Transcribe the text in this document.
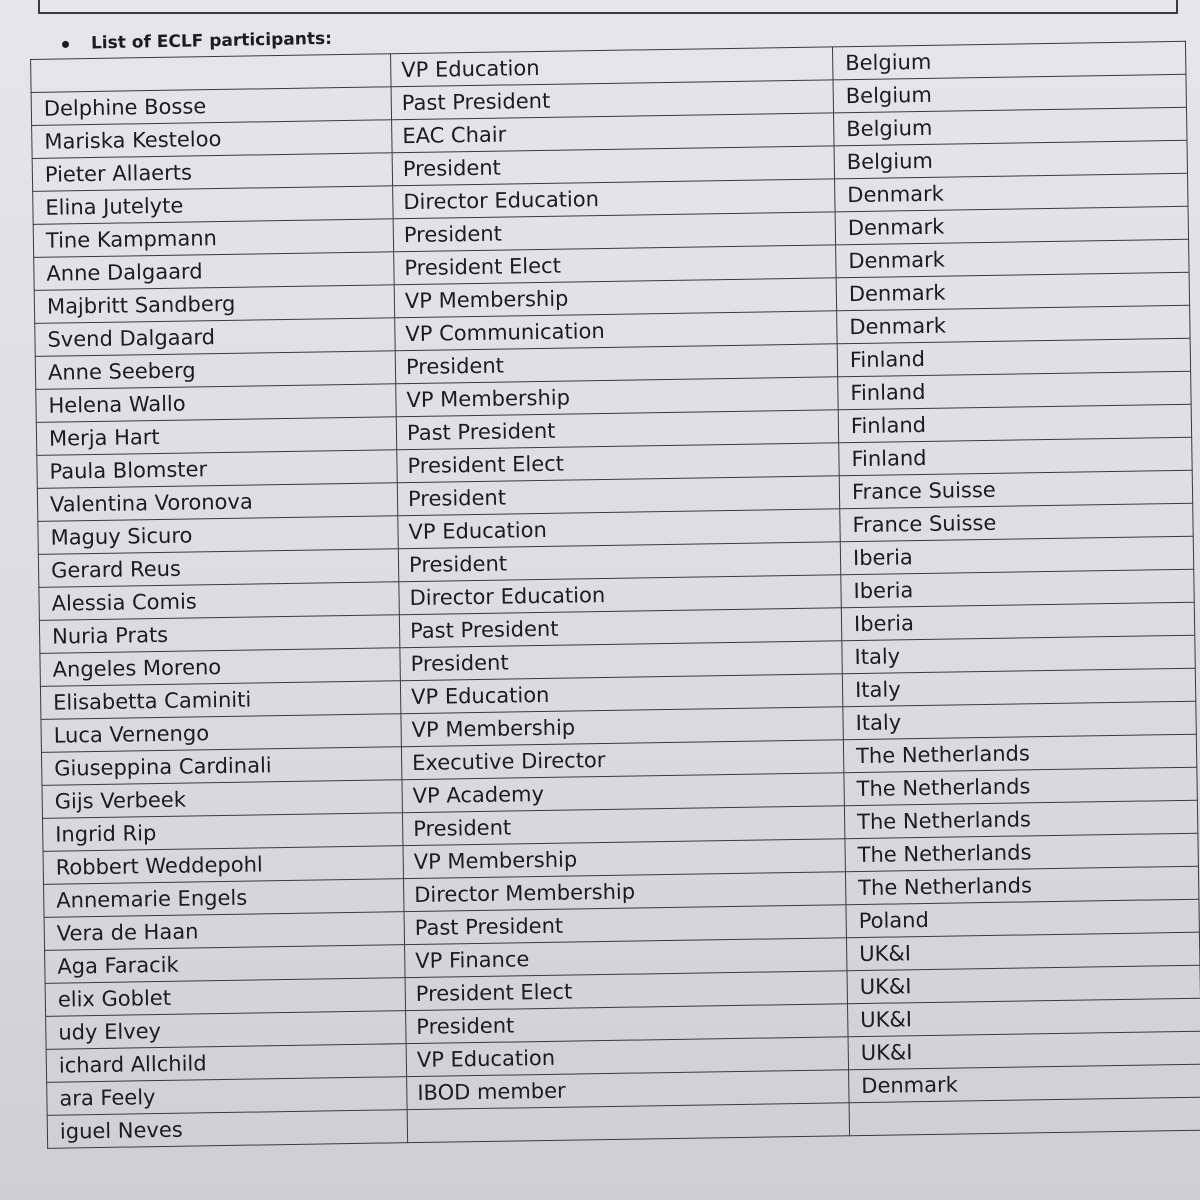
List of ECLF participants:
	VP Education	Belgium
Delphine Bosse	Past President	Belgium
Mariska Kesteloo	EAC Chair	Belgium
Pieter Allaerts	President	Belgium
Elina Jutelyte	Director Education	Denmark
Tine Kampmann	President	Denmark
Anne Dalgaard	President Elect	Denmark
Majbritt Sandberg	VP Membership	Denmark
Svend Dalgaard	VP Communication	Denmark
Anne Seeberg	President	Finland
Helena Wallo	VP Membership	Finland
Merja Hart	Past President	Finland
Paula Blomster	President Elect	Finland
Valentina Voronova	President	France Suisse
Maguy Sicuro	VP Education	France Suisse
Gerard Reus	President	Iberia
Alessia Comis	Director Education	Iberia
Nuria Prats	Past President	Iberia
Angeles Moreno	President	Italy
Elisabetta Caminiti	VP Education	Italy
Luca Vernengo	VP Membership	Italy
Giuseppina Cardinali	Executive Director	The Netherlands
Gijs Verbeek	VP Academy	The Netherlands
Ingrid Rip	President	The Netherlands
Robbert Weddepohl	VP Membership	The Netherlands
Annemarie Engels	Director Membership	The Netherlands
Vera de Haan	Past President	Poland
Aga Faracik	VP Finance	UK&I
elix Goblet	President Elect	UK&I
udy Elvey	President	UK&I
ichard Allchild	VP Education	UK&I
ara Feely	IBOD member	Denmark
iguel Neves		
